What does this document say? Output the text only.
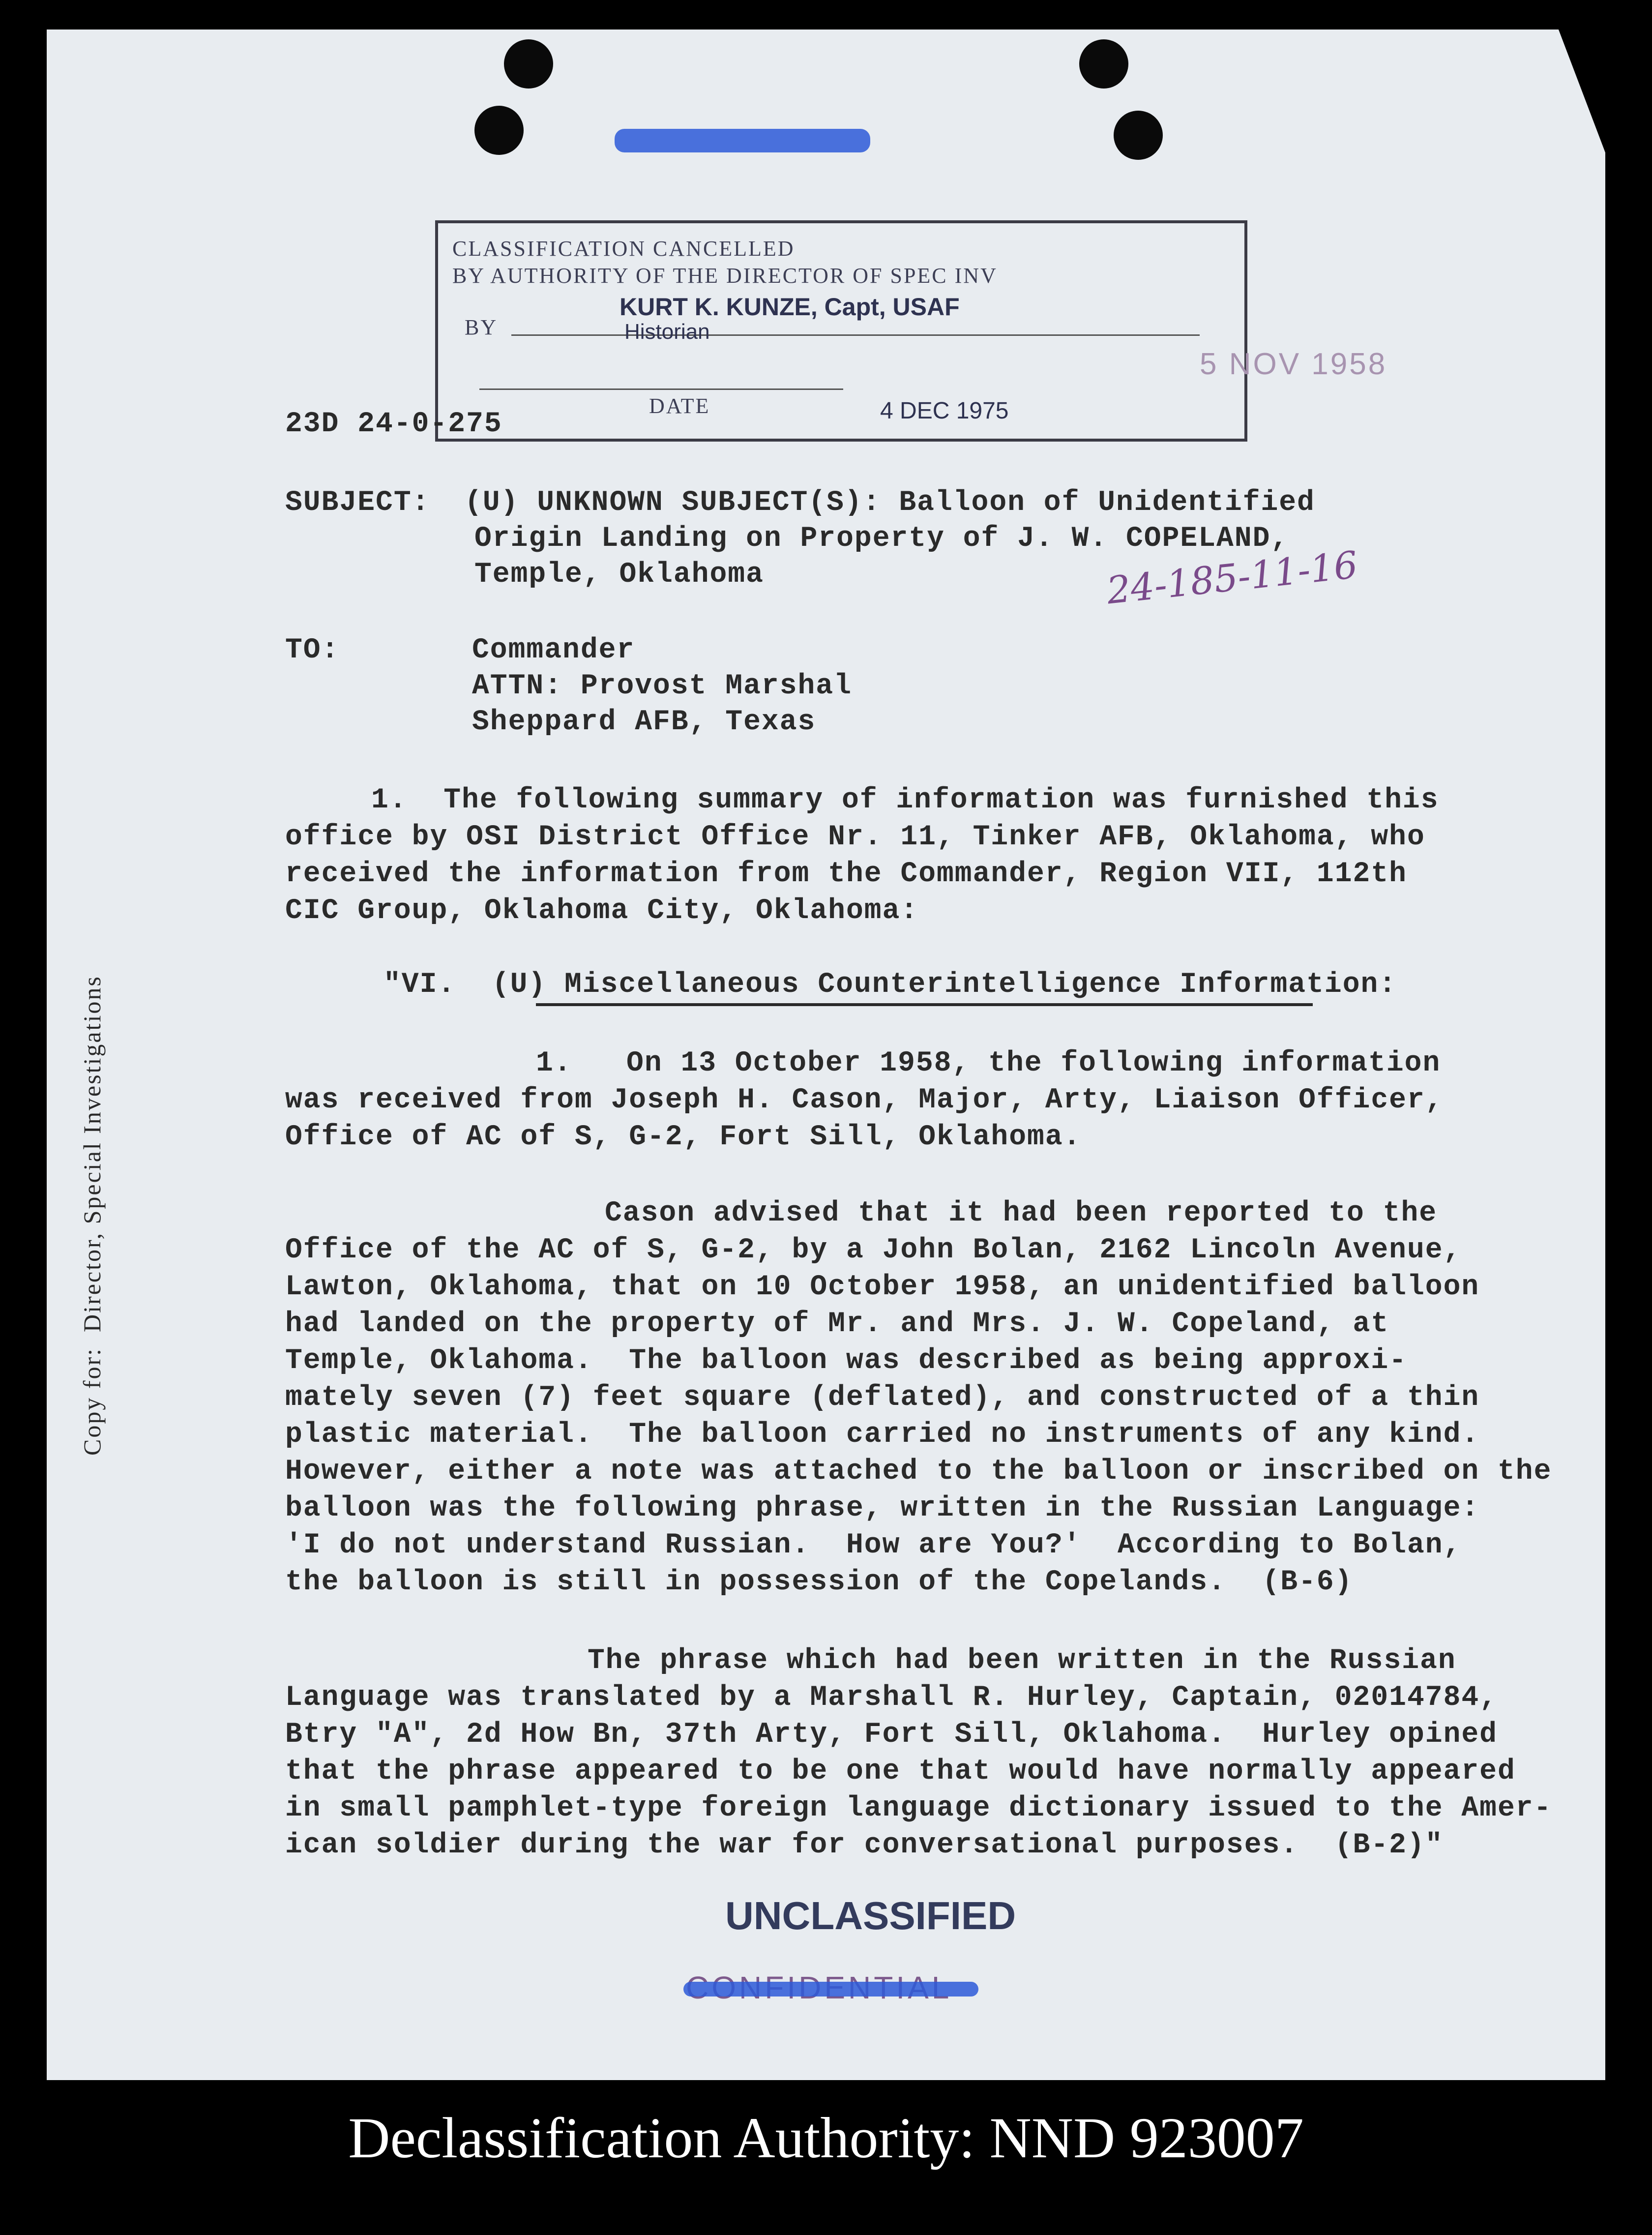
CLASSIFICATION CANCELLED
BY AUTHORITY OF THE DIRECTOR OF SPEC INV
BY
KURT K. KUNZE, Capt, USAF
Historian
DATE	4 DEC 1975
5 NOV 1958
23D 24-0-275
SUBJECT: (U) UNKNOWN SUBJECT(S): Balloon of Unidentified
Origin Landing on Property of J. W. COPELAND,
Temple, Oklahoma	24-185-11-16
TO:	Commander
ATTN: Provost Marshal
Sheppard AFB, Texas
1.  The following summary of information was furnished this
office by OSI District Office Nr. 11, Tinker AFB, Oklahoma, who
received the information from the Commander, Region VII, 112th
CIC Group, Oklahoma City, Oklahoma:
"VI.  (U) Miscellaneous Counterintelligence Information:
1.   On 13 October 1958, the following information
was received from Joseph H. Cason, Major, Arty, Liaison Officer,
Office of AC of S, G-2, Fort Sill, Oklahoma.
Cason advised that it had been reported to the
Office of the AC of S, G-2, by a John Bolan, 2162 Lincoln Avenue,
Lawton, Oklahoma, that on 10 October 1958, an unidentified balloon
had landed on the property of Mr. and Mrs. J. W. Copeland, at
Temple, Oklahoma.  The balloon was described as being approxi-
mately seven (7) feet square (deflated), and constructed of a thin
plastic material.  The balloon carried no instruments of any kind.
However, either a note was attached to the balloon or inscribed on the
balloon was the following phrase, written in the Russian Language:
'I do not understand Russian.  How are You?'  According to Bolan,
the balloon is still in possession of the Copelands.  (B-6)
The phrase which had been written in the Russian
Language was translated by a Marshall R. Hurley, Captain, 02014784,
Btry "A", 2d How Bn, 37th Arty, Fort Sill, Oklahoma.  Hurley opined
that the phrase appeared to be one that would have normally appeared
in small pamphlet-type foreign language dictionary issued to the Amer-
ican soldier during the war for conversational purposes.  (B-2)"
UNCLASSIFIED
Copy for:  Director, Special Investigations
Declassification Authority: NND 923007
